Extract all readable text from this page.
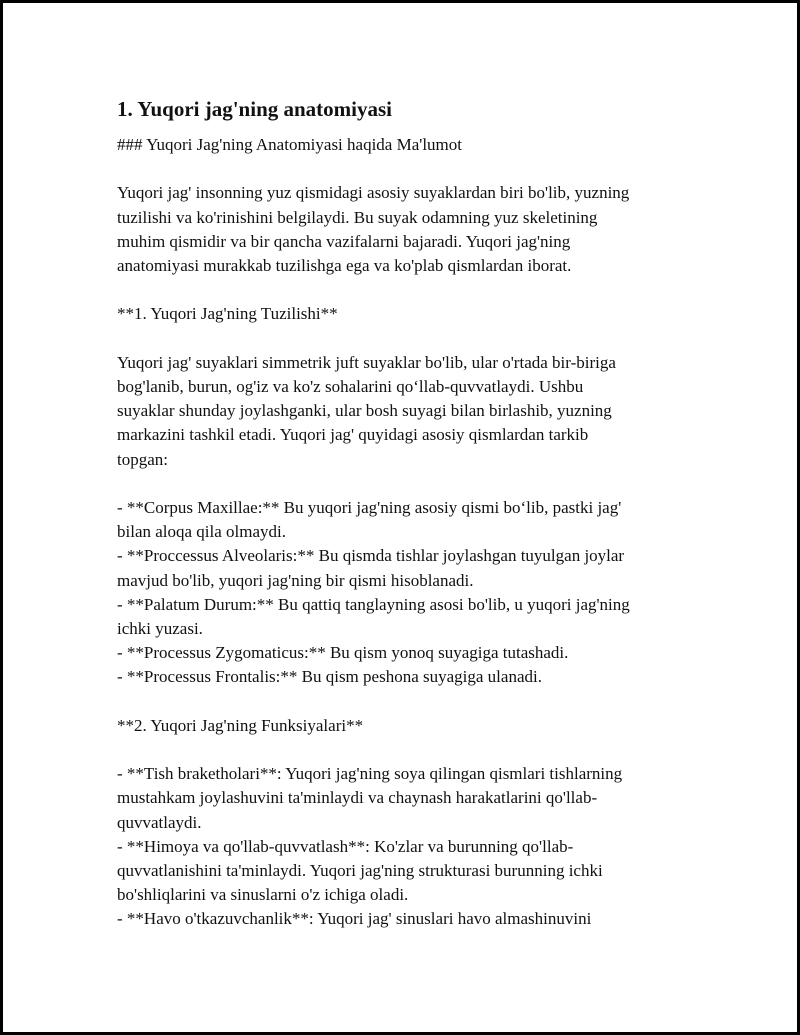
1. Yuqori jag'ning anatomiyasi
### Yuqori Jag'ning Anatomiyasi haqida Ma'lumot
Yuqori jag' insonning yuz qismidagi asosiy suyaklardan biri bo'lib, yuzning
tuzilishi va ko'rinishini belgilaydi. Bu suyak odamning yuz skeletining
muhim qismidir va bir qancha vazifalarni bajaradi. Yuqori jag'ning
anatomiyasi murakkab tuzilishga ega va ko'plab qismlardan iborat.
**1. Yuqori Jag'ning Tuzilishi**
Yuqori jag' suyaklari simmetrik juft suyaklar bo'lib, ular o'rtada bir-biriga
bog'lanib, burun, og'iz va ko'z sohalarini qo‘llab-quvvatlaydi. Ushbu
suyaklar shunday joylashganki, ular bosh suyagi bilan birlashib, yuzning
markazini tashkil etadi. Yuqori jag' quyidagi asosiy qismlardan tarkib
topgan:
- **Corpus Maxillae:** Bu yuqori jag'ning asosiy qismi bo‘lib, pastki jag'
bilan aloqa qila olmaydi.
- **Proccessus Alveolaris:** Bu qismda tishlar joylashgan tuyulgan joylar
mavjud bo'lib, yuqori jag'ning bir qismi hisoblanadi.
- **Palatum Durum:** Bu qattiq tanglayning asosi bo'lib, u yuqori jag'ning
ichki yuzasi.
- **Processus Zygomaticus:** Bu qism yonoq suyagiga tutashadi.
- **Processus Frontalis:** Bu qism peshona suyagiga ulanadi.
**2. Yuqori Jag'ning Funksiyalari**
- **Tish braketholari**: Yuqori jag'ning soya qilingan qismlari tishlarning
mustahkam joylashuvini ta'minlaydi va chaynash harakatlarini qo'llab-
quvvatlaydi.
- **Himoya va qo'llab-quvvatlash**: Ko'zlar va burunning qo'llab-
quvvatlanishini ta'minlaydi. Yuqori jag'ning strukturasi burunning ichki
bo'shliqlarini va sinuslarni o'z ichiga oladi.
- **Havo o'tkazuvchanlik**: Yuqori jag' sinuslari havo almashinuvini
